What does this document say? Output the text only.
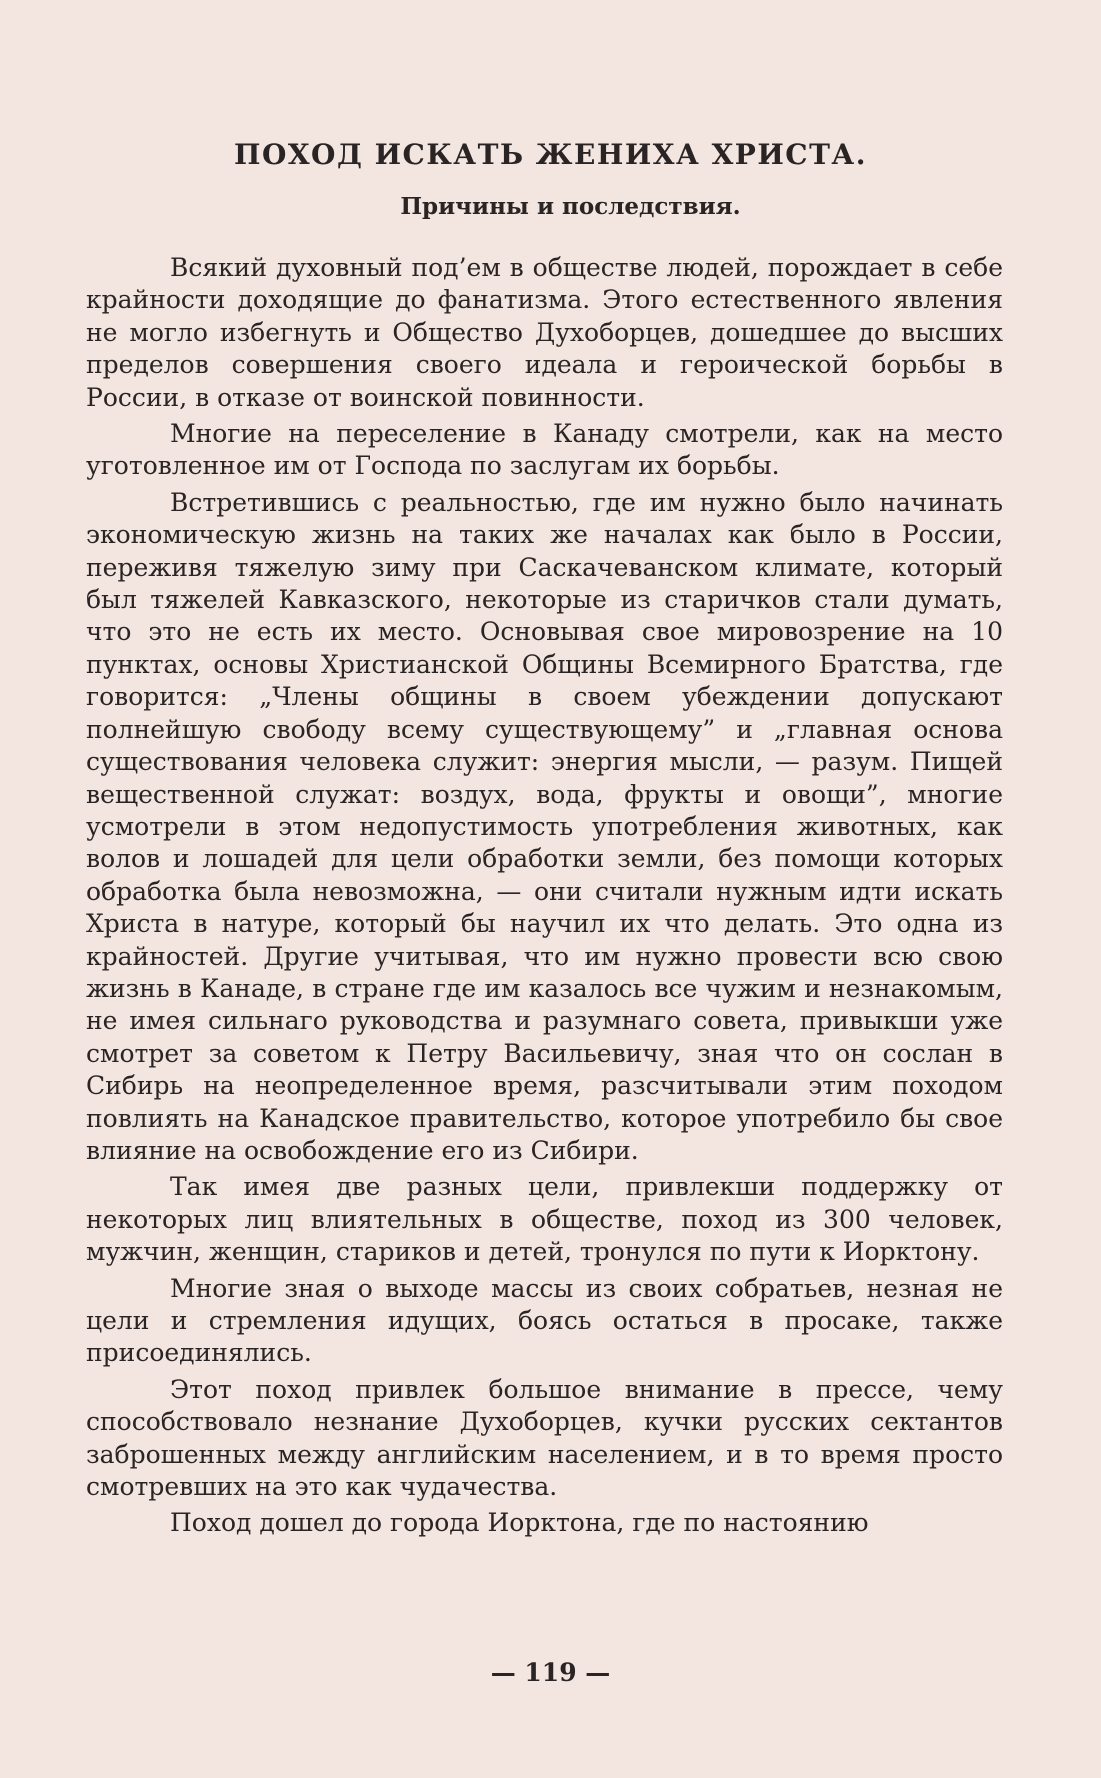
ПОХОД ИСКАТЬ ЖЕНИХА ХРИСТА.
Причины и последствия.

Всякий духовный под’ем в обществе людей, порождает в себе крайности доходящие до фанатизма. Этого естественного явления не могло избегнуть и Общество Духоборцев, дошедшее до высших пределов совершения своего идеала и героической борьбы в России, в отказе от воинской повинности.

Многие на переселение в Канаду смотрели, как на место уготовленное им от Господа по заслугам их борьбы.

Встретившись с реальностью, где им нужно было начинать экономическую жизнь на таких же началах как было в России, переживя тяжелую зиму при Саскачеванском климате, который был тяжелей Кавказского, некоторые из старичков стали думать, что это не есть их место. Основывая свое мировозрение на 10 пунктах, основы Христианской Общины Всемирного Братства, где говорится: „Члены общины в своем убеждении допускают полнейшую свободу всему существующему” и „главная основа существования человека служит: энергия мысли, — разум. Пищей вещественной служат: воздух, вода, фрукты и овощи”, многие усмотрели в этом недопустимость употребления животных, как волов и лошадей для цели обработки земли, без помощи которых обработка была невозможна, — они считали нужным идти искать Христа в натуре, который бы научил их что делать. Это одна из крайностей. Другие учитывая, что им нужно провести всю свою жизнь в Канаде, в стране где им казалось все чужим и незнакомым, не имея сильнаго руководства и разумнаго совета, привыкши уже смотрет за советом к Петру Васильевичу, зная что он сослан в Сибирь на неопределенное время, разсчитывали этим походом повлиять на Канадское правительство, которое употребило бы свое влияние на освобождение его из Сибири.

Так имея две разных цели, привлекши поддержку от некоторых лиц влиятельных в обществе, поход из 300 человек, мужчин, женщин, стариков и детей, тронулся по пути к Иорктону.

Многие зная о выходе массы из своих собратьев, незная не цели и стремления идущих, боясь остаться в просаке, также присоединялись.

Этот поход привлек большое внимание в прессе, чему способствовало незнание Духоборцев, кучки русских сектантов заброшенных между английским населением, и в то время просто смотревших на это как чудачества.

Поход дошел до города Иорктона, где по настоянию

— 119 —
